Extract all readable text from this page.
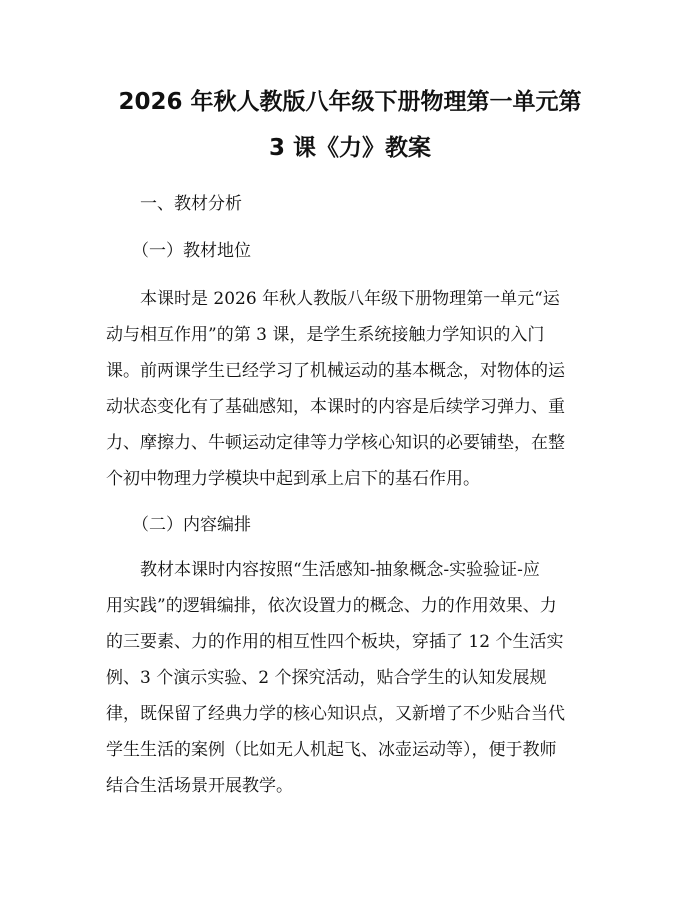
2026 年秋人教版八年级下册物理第一单元第
3 课《力》教案
一、教材分析
（一）教材地位
本课时是 2026 年秋人教版八年级下册物理第一单元“运
动与相互作用”的第 3 课，是学生系统接触力学知识的入门
课。前两课学生已经学习了机械运动的基本概念，对物体的运
动状态变化有了基础感知，本课时的内容是后续学习弹力、重
力、摩擦力、牛顿运动定律等力学核心知识的必要铺垫，在整
个初中物理力学模块中起到承上启下的基石作用。
（二）内容编排
教材本课时内容按照“生活感知-抽象概念-实验验证-应
用实践”的逻辑编排，依次设置力的概念、力的作用效果、力
的三要素、力的作用的相互性四个板块，穿插了 12 个生活实
例、3 个演示实验、2 个探究活动，贴合学生的认知发展规
律，既保留了经典力学的核心知识点，又新增了不少贴合当代
学生生活的案例（比如无人机起飞、冰壶运动等），便于教师
结合生活场景开展教学。
